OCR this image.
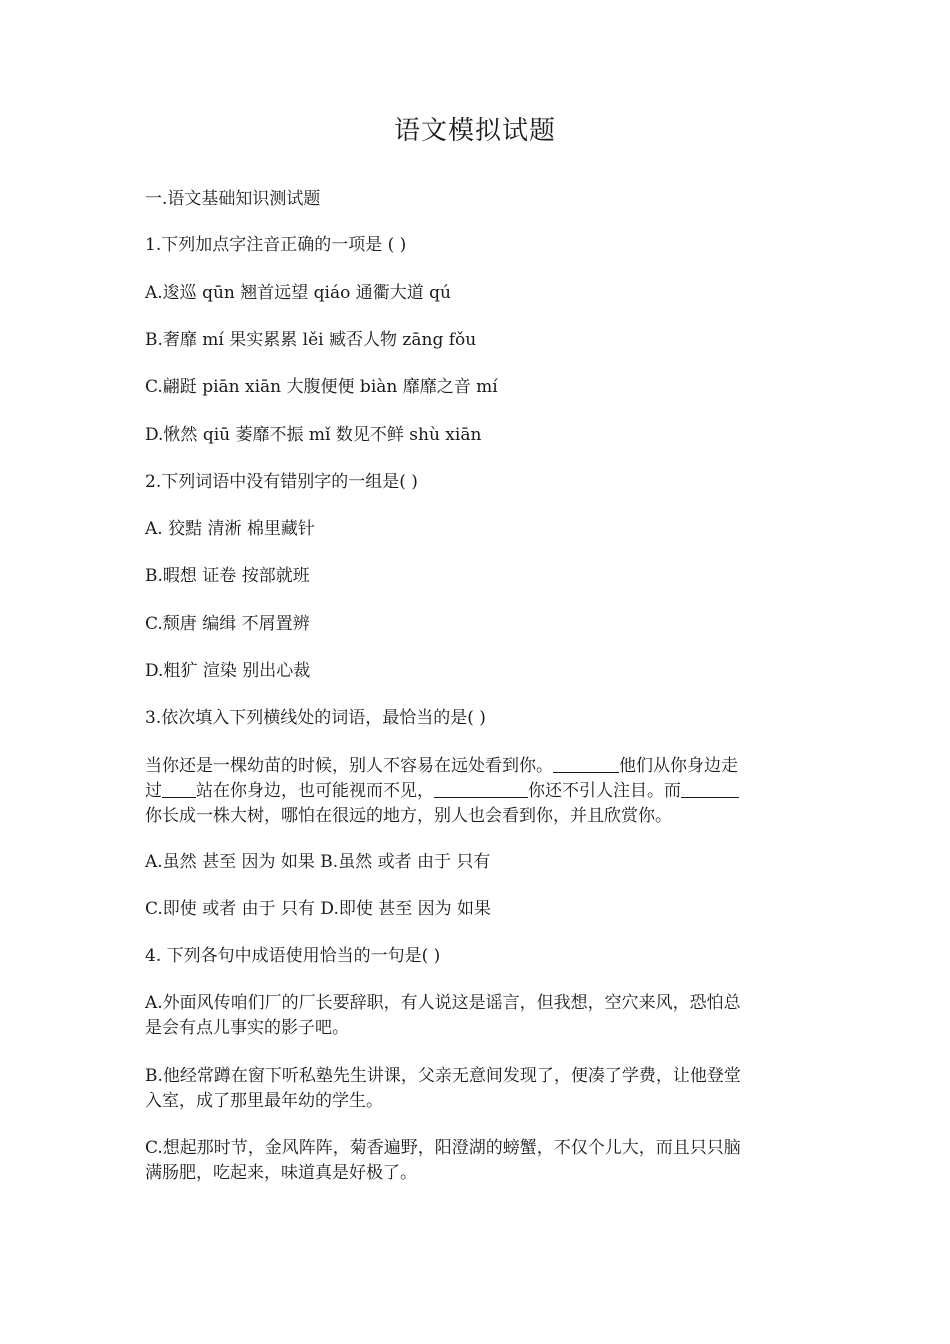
语文模拟试题
一.语文基础知识测试题
1.下列加点字注音正确的一项是 ( )
A.逡巡 qūn 翘首远望 qiáo 通衢大道 qú
B.奢靡 mí 果实累累 lěi 臧否人物 zāng fǒu
C.翩跹 piān xiān 大腹便便 biàn 靡靡之音 mí
D.愀然 qiū 萎靡不振 mǐ 数见不鲜 shù xiān
2.下列词语中没有错别字的一组是( )
A. 狡黠 清淅 棉里藏针
B.暇想 证卷 按部就班
C.颓唐 编缉 不屑置辨
D.粗犷 渲染 别出心裁
3.依次填入下列横线处的词语，最恰当的是( )
当你还是一棵幼苗的时候，别人不容易在远处看到你。	他们从你身边走
过 站在你身边，也可能视而不见，	你还不引人注目。而
你长成一株大树，哪怕在很远的地方，别人也会看到你，并且欣赏你。
A.虽然 甚至 因为 如果 B.虽然 或者 由于 只有
C.即使 或者 由于 只有 D.即使 甚至 因为 如果
4. 下列各句中成语使用恰当的一句是( )
A.外面风传咱们厂的厂长要辞职，有人说这是谣言，但我想，空穴来风，恐怕总
是会有点儿事实的影子吧。
B.他经常蹲在窗下听私塾先生讲课，父亲无意间发现了，便凑了学费，让他登堂
入室，成了那里最年幼的学生。
C.想起那时节，金风阵阵，菊香遍野，阳澄湖的螃蟹，不仅个儿大，而且只只脑
满肠肥，吃起来，味道真是好极了。
